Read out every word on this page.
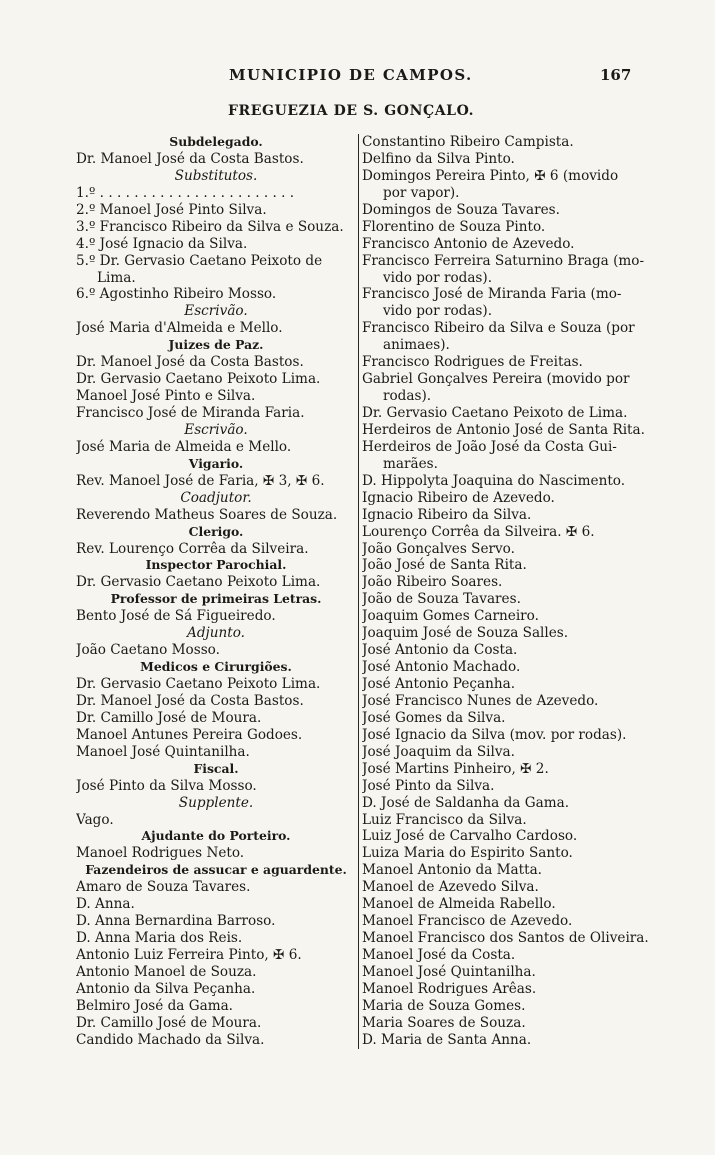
MUNICIPIO DE CAMPOS.	167
FREGUEZIA DE S. GONÇALO.
Subdelegado.
Dr. Manoel José da Costa Bastos.
Substitutos.
1.º . . . . . . . . . . . . . . . . . . . . . . .
2.º Manoel José Pinto Silva.
3.º Francisco Ribeiro da Silva e Souza.
4.º José Ignacio da Silva.
5.º Dr. Gervasio Caetano Peixoto de
Lima.
6.º Agostinho Ribeiro Mosso.
Escrivão.
José Maria d'Almeida e Mello.
Juizes de Paz.
Dr. Manoel José da Costa Bastos.
Dr. Gervasio Caetano Peixoto Lima.
Manoel José Pinto e Silva.
Francisco José de Miranda Faria.
Escrivão.
José Maria de Almeida e Mello.
Vigario.
Rev. Manoel José de Faria, ✠ 3, ✠ 6.
Coadjutor.
Reverendo Matheus Soares de Souza.
Clerigo.
Rev. Lourenço Corrêa da Silveira.
Inspector Parochial.
Dr. Gervasio Caetano Peixoto Lima.
Professor de primeiras Letras.
Bento José de Sá Figueiredo.
Adjunto.
João Caetano Mosso.
Medicos e Cirurgiões.
Dr. Gervasio Caetano Peixoto Lima.
Dr. Manoel José da Costa Bastos.
Dr. Camillo José de Moura.
Manoel Antunes Pereira Godoes.
Manoel José Quintanilha.
Fiscal.
José Pinto da Silva Mosso.
Supplente.
Vago.
Ajudante do Porteiro.
Manoel Rodrigues Neto.
Fazendeiros de assucar e aguardente.
Amaro de Souza Tavares.
D. Anna.
D. Anna Bernardina Barroso.
D. Anna Maria dos Reis.
Antonio Luiz Ferreira Pinto, ✠ 6.
Antonio Manoel de Souza.
Antonio da Silva Peçanha.
Belmiro José da Gama.
Dr. Camillo José de Moura.
Candido Machado da Silva.
Constantino Ribeiro Campista.
Delfino da Silva Pinto.
Domingos Pereira Pinto, ✠ 6 (movido
por vapor).
Domingos de Souza Tavares.
Florentino de Souza Pinto.
Francisco Antonio de Azevedo.
Francisco Ferreira Saturnino Braga (mo-
vido por rodas).
Francisco José de Miranda Faria (mo-
vido por rodas).
Francisco Ribeiro da Silva e Souza (por
animaes).
Francisco Rodrigues de Freitas.
Gabriel Gonçalves Pereira (movido por
rodas).
Dr. Gervasio Caetano Peixoto de Lima.
Herdeiros de Antonio José de Santa Rita.
Herdeiros de João José da Costa Gui-
marães.
D. Hippolyta Joaquina do Nascimento.
Ignacio Ribeiro de Azevedo.
Ignacio Ribeiro da Silva.
Lourenço Corrêa da Silveira. ✠ 6.
João Gonçalves Servo.
João José de Santa Rita.
João Ribeiro Soares.
João de Souza Tavares.
Joaquim Gomes Carneiro.
Joaquim José de Souza Salles.
José Antonio da Costa.
José Antonio Machado.
José Antonio Peçanha.
José Francisco Nunes de Azevedo.
José Gomes da Silva.
José Ignacio da Silva (mov. por rodas).
José Joaquim da Silva.
José Martins Pinheiro, ✠ 2.
José Pinto da Silva.
D. José de Saldanha da Gama.
Luiz Francisco da Silva.
Luiz José de Carvalho Cardoso.
Luiza Maria do Espirito Santo.
Manoel Antonio da Matta.
Manoel de Azevedo Silva.
Manoel de Almeida Rabello.
Manoel Francisco de Azevedo.
Manoel Francisco dos Santos de Oliveira.
Manoel José da Costa.
Manoel José Quintanilha.
Manoel Rodrigues Arêas.
Maria de Souza Gomes.
Maria Soares de Souza.
D. Maria de Santa Anna.
